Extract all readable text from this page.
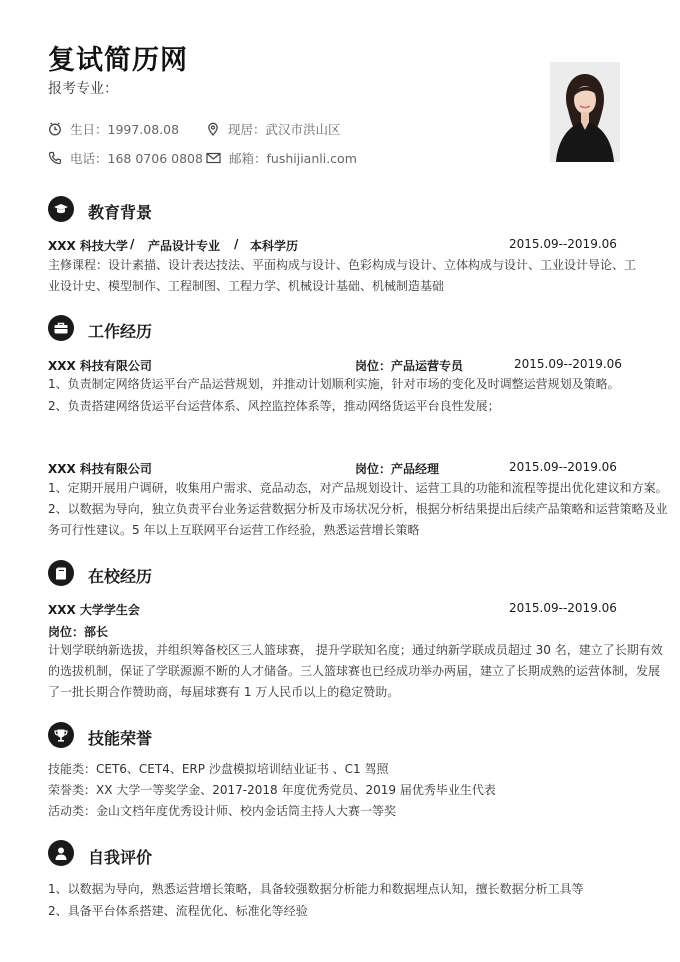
复试简历网
报考专业：
生日：1997.08.08	现居：武汉市洪山区
电话：168 0706 0808 邮箱：fushijianli.com
教育背景
XXX 科技大学 / 产品设计专业 / 本科学历	2015.09--2019.06
主修课程：设计素描、设计表达技法、平面构成与设计、色彩构成与设计、立体构成与设计、工业设计导论、工
业设计史、模型制作、工程制图、工程力学、机械设计基础、机械制造基础
工作经历
XXX 科技有限公司	岗位：产品运营专员	2015.09--2019.06
1、负责制定网络货运平台产品运营规划，并推动计划顺利实施，针对市场的变化及时调整运营规划及策略。
2、负责搭建网络货运平台运营体系、风控监控体系等，推动网络货运平台良性发展；
XXX 科技有限公司	岗位：产品经理	2015.09--2019.06
1、定期开展用户调研，收集用户需求、竞品动态，对产品规划设计、运营工具的功能和流程等提出优化建议和方案。
2、以数据为导向，独立负责平台业务运营数据分析及市场状况分析，根据分析结果提出后续产品策略和运营策略及业
务可行性建议。5 年以上互联网平台运营工作经验，熟悉运营增长策略
在校经历
XXX 大学学生会	2015.09--2019.06
岗位：部长
计划学联纳新选拔，并组织筹备校区三人篮球赛， 提升学联知名度；通过纳新学联成员超过 30 名，建立了长期有效
的选拔机制，保证了学联源源不断的人才储备。三人篮球赛也已经成功举办两届，建立了长期成熟的运营体制，发展
了一批长期合作赞助商，每届球赛有 1 万人民币以上的稳定赞助。
技能荣誉
技能类：CET6、CET4、ERP 沙盘模拟培训结业证书 、C1 驾照
荣誉类：XX 大学一等奖学金、2017-2018 年度优秀党员、2019 届优秀毕业生代表
活动类：金山文档年度优秀设计师、校内金话筒主持人大赛一等奖
自我评价
1、以数据为导向，熟悉运营增长策略，具备较强数据分析能力和数据埋点认知，擅长数据分析工具等
2、具备平台体系搭建、流程优化、标准化等经验
